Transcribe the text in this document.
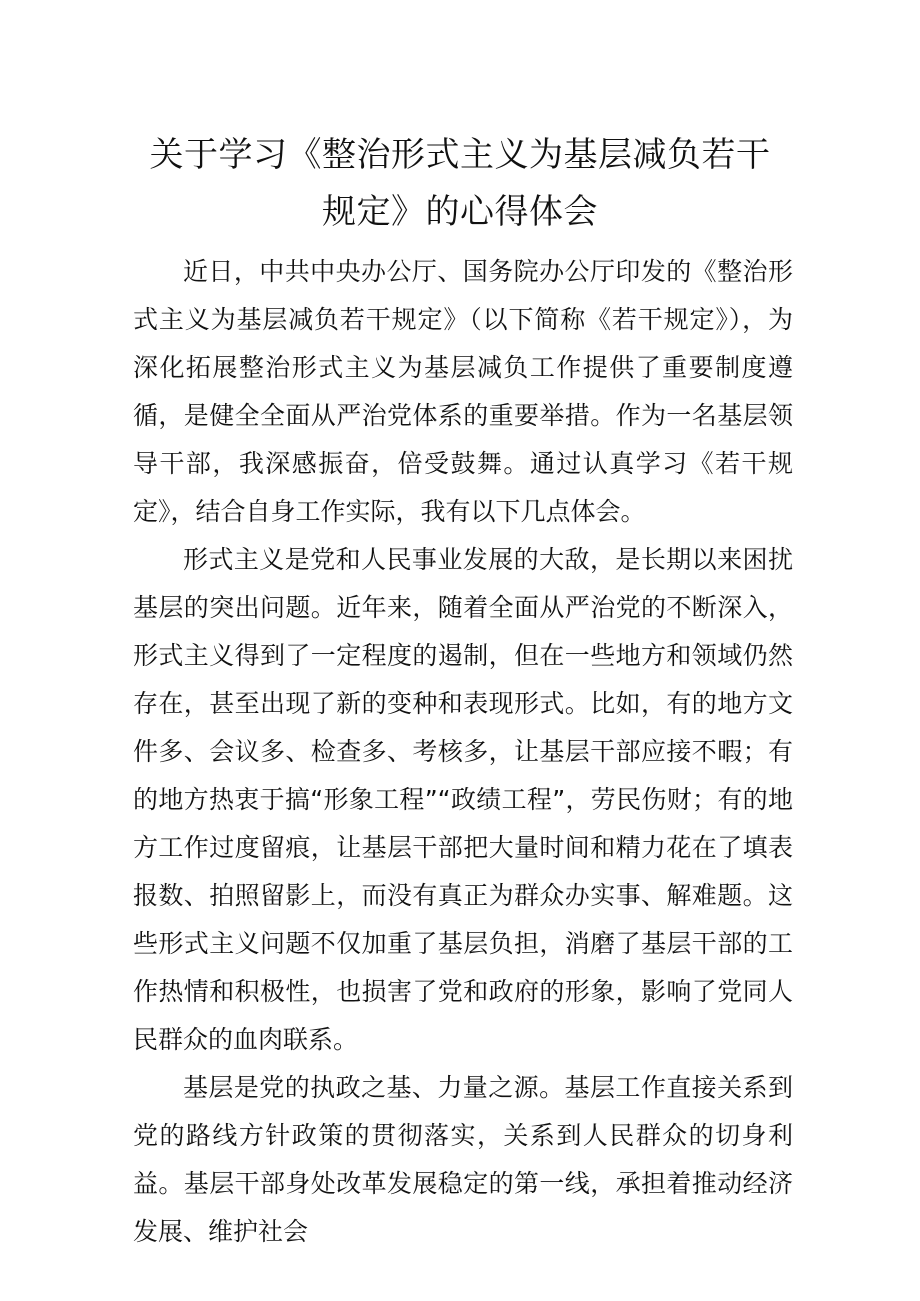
关于学习《整治形式主义为基层减负若干
规定》的心得体会

近日，中共中央办公厅、国务院办公厅印发的《整治形式主义为基层减负若干规定》（以下简称《若干规定》），为深化拓展整治形式主义为基层减负工作提供了重要制度遵循，是健全全面从严治党体系的重要举措。作为一名基层领导干部，我深感振奋，倍受鼓舞。通过认真学习《若干规定》，结合自身工作实际，我有以下几点体会。

形式主义是党和人民事业发展的大敌，是长期以来困扰基层的突出问题。近年来，随着全面从严治党的不断深入，形式主义得到了一定程度的遏制，但在一些地方和领域仍然存在，甚至出现了新的变种和表现形式。比如，有的地方文件多、会议多、检查多、考核多，让基层干部应接不暇；有的地方热衷于搞“形象工程”“政绩工程”，劳民伤财；有的地方工作过度留痕，让基层干部把大量时间和精力花在了填表报数、拍照留影上，而没有真正为群众办实事、解难题。这些形式主义问题不仅加重了基层负担，消磨了基层干部的工作热情和积极性，也损害了党和政府的形象，影响了党同人民群众的血肉联系。

基层是党的执政之基、力量之源。基层工作直接关系到党的路线方针政策的贯彻落实，关系到人民群众的切身利益。基层干部身处改革发展稳定的第一线，承担着推动经济发展、维护社会
